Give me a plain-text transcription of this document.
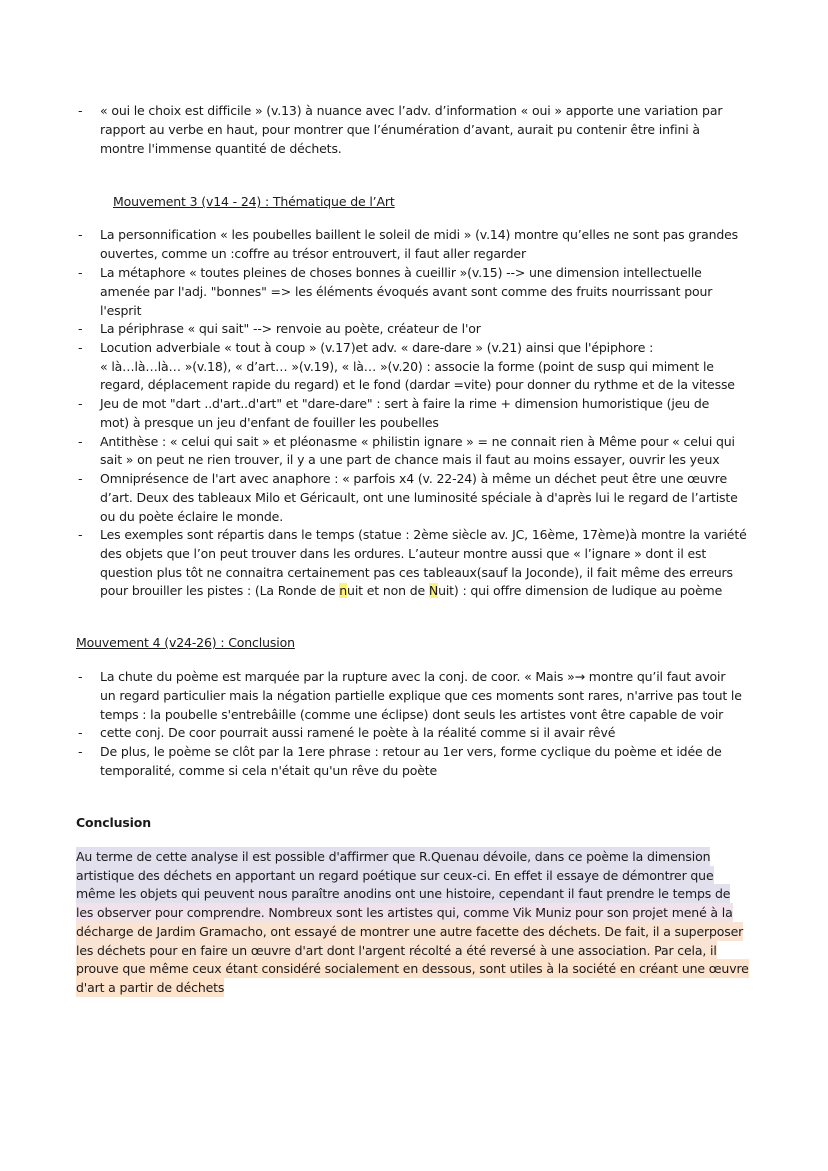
- « oui le choix est difficile » (v.13) à nuance avec l’adv. d’information « oui » apporte une variation par
rapport au verbe en haut, pour montrer que l’énumération d’avant, aurait pu contenir être infini à
montre l'immense quantité de déchets.
Mouvement 3 (v14 - 24) : Thématique de l’Art
- La personnification « les poubelles baillent le soleil de midi » (v.14) montre qu’elles ne sont pas grandes
ouvertes, comme un :coffre au trésor entrouvert, il faut aller regarder
- La métaphore « toutes pleines de choses bonnes à cueillir »(v.15) --> une dimension intellectuelle
amenée par l'adj. "bonnes" => les éléments évoqués avant sont comme des fruits nourrissant pour
l'esprit
- La périphrase « qui sait" --> renvoie au poète, créateur de l'or
- Locution adverbiale « tout à coup » (v.17)et adv. « dare-dare » (v.21) ainsi que l'épiphore :
« là…là…là… »(v.18), « d’art… »(v.19), « là… »(v.20) : associe la forme (point de susp qui miment le
regard, déplacement rapide du regard) et le fond (dardar =vite) pour donner du rythme et de la vitesse
- Jeu de mot "dart ..d'art..d'art" et "dare-dare" : sert à faire la rime + dimension humoristique (jeu de
mot) à presque un jeu d'enfant de fouiller les poubelles
- Antithèse : « celui qui sait » et pléonasme « philistin ignare » = ne connait rien à Même pour « celui qui
sait » on peut ne rien trouver, il y a une part de chance mais il faut au moins essayer, ouvrir les yeux
- Omniprésence de l'art avec anaphore : « parfois x4 (v. 22-24) à même un déchet peut être une œuvre
d’art. Deux des tableaux Milo et Géricault, ont une luminosité spéciale à d'après lui le regard de l’artiste
ou du poète éclaire le monde.
- Les exemples sont répartis dans le temps (statue : 2ème siècle av. JC, 16ème, 17ème)à montre la variété
des objets que l’on peut trouver dans les ordures. L’auteur montre aussi que « l’ignare » dont il est
question plus tôt ne connaitra certainement pas ces tableaux(sauf la Joconde), il fait même des erreurs
pour brouiller les pistes : (La Ronde de nuit et non de Nuit) : qui offre dimension de ludique au poème
Mouvement 4 (v24-26) : Conclusion
- La chute du poème est marquée par la rupture avec la conj. de coor. « Mais »→ montre qu’il faut avoir
un regard particulier mais la négation partielle explique que ces moments sont rares, n'arrive pas tout le
temps : la poubelle s'entrebâille (comme une éclipse) dont seuls les artistes vont être capable de voir
- cette conj. De coor pourrait aussi ramené le poète à la réalité comme si il avair rêvé
- De plus, le poème se clôt par la 1ere phrase : retour au 1er vers, forme cyclique du poème et idée de
temporalité, comme si cela n'était qu'un rêve du poète
Conclusion
Au terme de cette analyse il est possible d'affirmer que R.Quenau dévoile, dans ce poème la dimension
artistique des déchets en apportant un regard poétique sur ceux-ci. En effet il essaye de démontrer que
même les objets qui peuvent nous paraître anodins ont une histoire, cependant il faut prendre le temps de
les observer pour comprendre. Nombreux sont les artistes qui, comme Vik Muniz pour son projet mené à la
décharge de Jardim Gramacho, ont essayé de montrer une autre facette des déchets. De fait, il a superposer
les déchets pour en faire un œuvre d'art dont l'argent récolté a été reversé à une association. Par cela, il
prouve que même ceux étant considéré socialement en dessous, sont utiles à la société en créant une œuvre
d'art a partir de déchets
